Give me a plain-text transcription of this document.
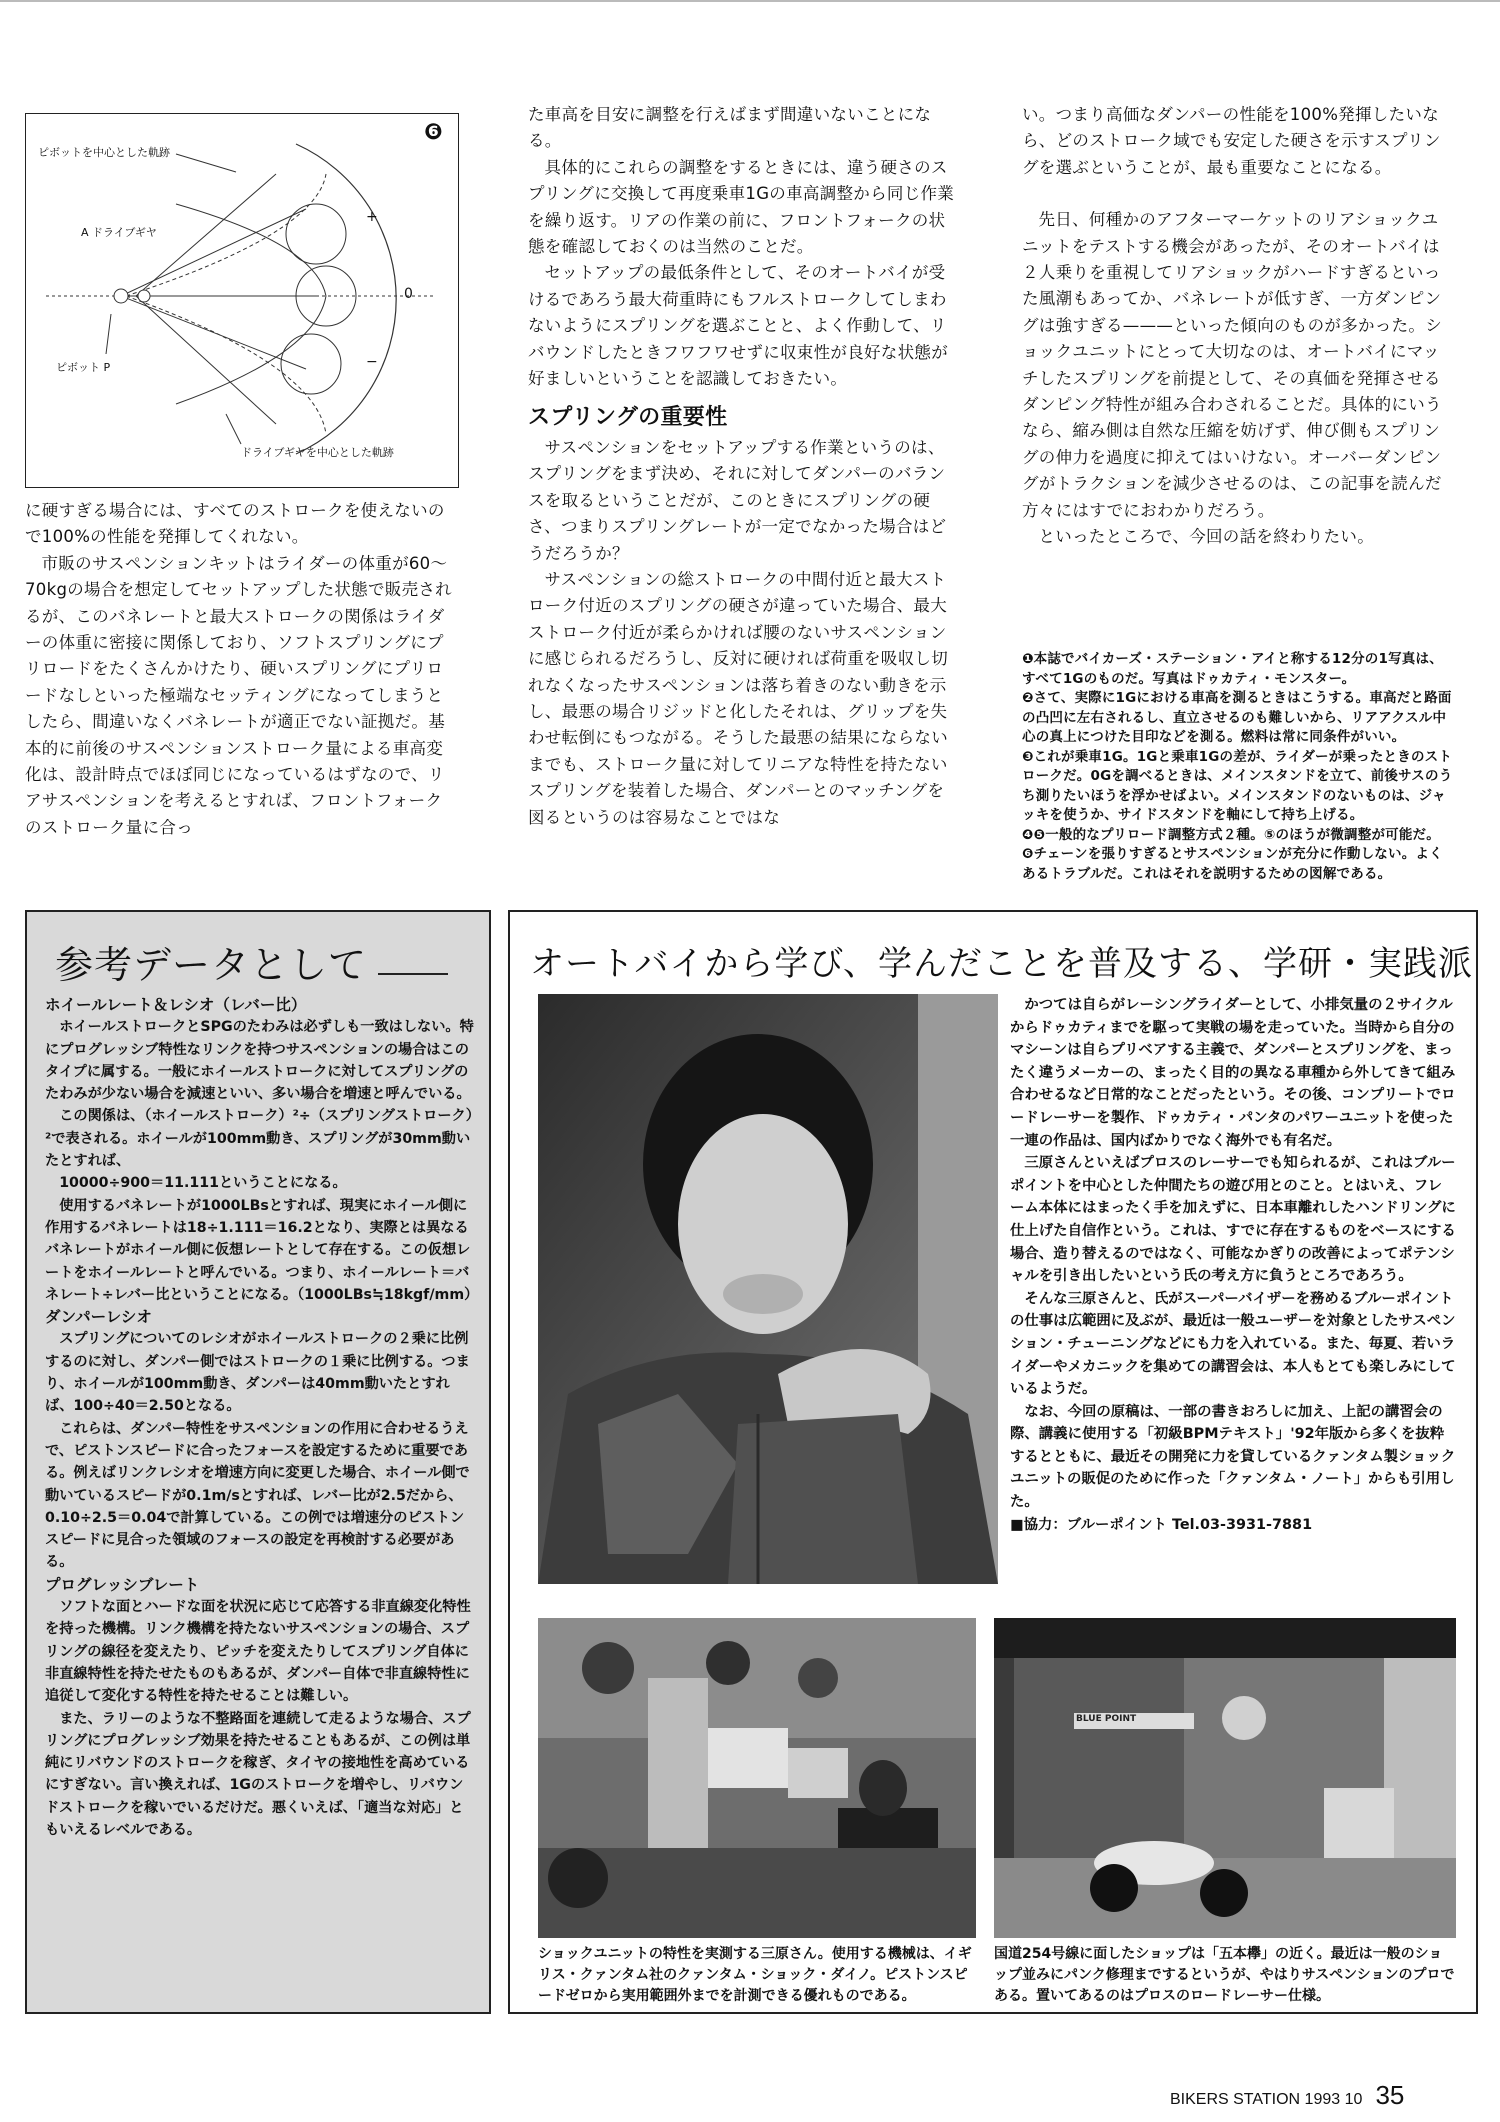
❻
ピボットを中心とした軌跡
A ドライブギヤ
ピボット P
ドライブギヤを中心とした軌跡
+
0
−

に硬すぎる場合には、すべてのストロークを使えないので100%の性能を発揮してくれない。

市販のサスペンションキットはライダーの体重が60〜70kgの場合を想定してセットアップした状態で販売されるが、このバネレートと最大ストロークの関係はライダーの体重に密接に関係しており、ソフトスプリングにプリロードをたくさんかけたり、硬いスプリングにプリロードなしといった極端なセッティングになってしまうとしたら、間違いなくバネレートが適正でない証拠だ。基本的に前後のサスペンションストローク量による車高変化は、設計時点でほぼ同じになっているはずなので、リアサスペンションを考えるとすれば、フロントフォークのストローク量に合っ

た車高を目安に調整を行えばまず間違いないことになる。

具体的にこれらの調整をするときには、違う硬さのスプリングに交換して再度乗車1Gの車高調整から同じ作業を繰り返す。リアの作業の前に、フロントフォークの状態を確認しておくのは当然のことだ。

セットアップの最低条件として、そのオートバイが受けるであろう最大荷重時にもフルストロークしてしまわないようにスプリングを選ぶことと、よく作動して、リバウンドしたときフワフワせずに収束性が良好な状態が好ましいということを認識しておきたい。

スプリングの重要性

サスペンションをセットアップする作業というのは、スプリングをまず決め、それに対してダンパーのバランスを取るということだが、このときにスプリングの硬さ、つまりスプリングレートが一定でなかった場合はどうだろうか？

サスペンションの総ストロークの中間付近と最大ストローク付近のスプリングの硬さが違っていた場合、最大ストローク付近が柔らかければ腰のないサスペンションに感じられるだろうし、反対に硬ければ荷重を吸収し切れなくなったサスペンションは落ち着きのない動きを示し、最悪の場合リジッドと化したそれは、グリップを失わせ転倒にもつながる。そうした最悪の結果にならないまでも、ストローク量に対してリニアな特性を持たないスプリングを装着した場合、ダンパーとのマッチングを図るというのは容易なことではな

い。つまり高価なダンパーの性能を100%発揮したいなら、どのストローク域でも安定した硬さを示すスプリングを選ぶということが、最も重要なことになる。

先日、何種かのアフターマーケットのリアショックユニットをテストする機会があったが、そのオートバイは２人乗りを重視してリアショックがハードすぎるといった風潮もあってか、バネレートが低すぎ、一方ダンピングは強すぎる———といった傾向のものが多かった。ショックユニットにとって大切なのは、オートバイにマッチしたスプリングを前提として、その真価を発揮させるダンピング特性が組み合わされることだ。具体的にいうなら、縮み側は自然な圧縮を妨げず、伸び側もスプリングの伸力を過度に抑えてはいけない。オーバーダンピングがトラクションを減少させるのは、この記事を読んだ方々にはすでにおわかりだろう。

といったところで、今回の話を終わりたい。

❶本誌でバイカーズ・ステーション・アイと称する12分の1写真は、すべて1Gのものだ。写真はドゥカティ・モンスター。

❷さて、実際に1Gにおける車高を測るときはこうする。車高だと路面の凸凹に左右されるし、直立させるのも難しいから、リアアクスル中心の真上につけた目印などを測る。燃料は常に同条件がいい。

❸これが乗車1G。1Gと乗車1Gの差が、ライダーが乗ったときのストロークだ。0Gを調べるときは、メインスタンドを立て、前後サスのうち測りたいほうを浮かせばよい。メインスタンドのないものは、ジャッキを使うか、サイドスタンドを軸にして持ち上げる。

❹❺一般的なプリロード調整方式２種。⑤のほうが微調整が可能だ。

❻チェーンを張りすぎるとサスペンションが充分に作動しない。よくあるトラブルだ。これはそれを説明するための図解である。

参考データとして
ホイールレート＆レシオ（レバー比）

ホイールストロークとSPGのたわみは必ずしも一致はしない。特にプログレッシブ特性なリンクを持つサスペンションの場合はこのタイプに属する。一般にホイールストロークに対してスプリングのたわみが少ない場合を減速といい、多い場合を増速と呼んでいる。

この関係は、（ホイールストローク）²÷（スプリングストローク）²で表される。ホイールが100mm動き、スプリングが30mm動いたとすれば、

10000÷900＝11.111ということになる。

使用するバネレートが1000LBsとすれば、現実にホイール側に作用するバネレートは18÷1.111＝16.2となり、実際とは異なるバネレートがホイール側に仮想レートとして存在する。この仮想レートをホイールレートと呼んでいる。つまり、ホイールレート＝バネレート÷レバー比ということになる。（1000LBs≒18kgf/mm）

ダンパーレシオ

スプリングについてのレシオがホイールストロークの２乗に比例するのに対し、ダンパー側ではストロークの１乗に比例する。つまり、ホイールが100mm動き、ダンパーは40mm動いたとすれば、100÷40＝2.50となる。

これらは、ダンパー特性をサスペンションの作用に合わせるうえで、ピストンスピードに合ったフォースを設定するために重要である。例えばリンクレシオを増速方向に変更した場合、ホイール側で動いているスピードが0.1m/sとすれば、レバー比が2.5だから、0.10÷2.5＝0.04で計算している。この例では増速分のピストンスピードに見合った領域のフォースの設定を再検討する必要がある。

プログレッシブレート

ソフトな面とハードな面を状況に応じて応答する非直線変化特性を持った機構。リンク機構を持たないサスペンションの場合、スプリングの線径を変えたり、ピッチを変えたりしてスプリング自体に非直線特性を持たせたものもあるが、ダンパー自体で非直線特性に追従して変化する特性を持たせることは難しい。

また、ラリーのような不整路面を連続して走るような場合、スプリングにプログレッシブ効果を持たせることもあるが、この例は単純にリバウンドのストロークを稼ぎ、タイヤの接地性を高めているにすぎない。言い換えれば、1Gのストロークを増やし、リバウンドストロークを稼いでいるだけだ。悪くいえば、「適当な対応」ともいえるレベルである。

オートバイから学び、学んだことを普及する、学研・実践派

かつては自らがレーシングライダーとして、小排気量の２サイクルからドゥカティまでを駆って実戦の場を走っていた。当時から自分のマシーンは自らプリベアする主義で、ダンパーとスプリングを、まったく違うメーカーの、まったく目的の異なる車種から外してきて組み合わせるなど日常的なことだったという。その後、コンプリートでロードレーサーを製作、ドゥカティ・パンタのパワーユニットを使った一連の作品は、国内ばかりでなく海外でも有名だ。

三原さんといえばプロスのレーサーでも知られるが、これはブルーポイントを中心とした仲間たちの遊び用とのこと。とはいえ、フレーム本体にはまったく手を加えずに、日本車離れしたハンドリングに仕上げた自信作という。これは、すでに存在するものをベースにする場合、造り替えるのではなく、可能なかぎりの改善によってポテンシャルを引き出したいという氏の考え方に負うところであろう。

そんな三原さんと、氏がスーパーバイザーを務めるブルーポイントの仕事は広範囲に及ぶが、最近は一般ユーザーを対象としたサスペンション・チューニングなどにも力を入れている。また、毎夏、若いライダーやメカニックを集めての講習会は、本人もとても楽しみにしているようだ。

なお、今回の原稿は、一部の書きおろしに加え、上記の講習会の際、講義に使用する「初級BPMテキスト」'92年版から多くを抜粋するとともに、最近その開発に力を貸しているクァンタム製ショックユニットの販促のために作った「クァンタム・ノート」からも引用した。

■協力：ブルーポイント Tel.03-3931-7881

ショックユニットの特性を実測する三原さん。使用する機械は、イギリス・クァンタム社のクァンタム・ショック・ダイノ。ピストンスピードゼロから実用範囲外までを計測できる優れものである。
BLUE POINT
国道254号線に面したショップは「五本欅」の近く。最近は一般のショップ並みにパンク修理までするというが、やはりサスペンションのプロである。置いてあるのはプロスのロードレーサー仕様。
BIKERS STATION 1993 10 35
